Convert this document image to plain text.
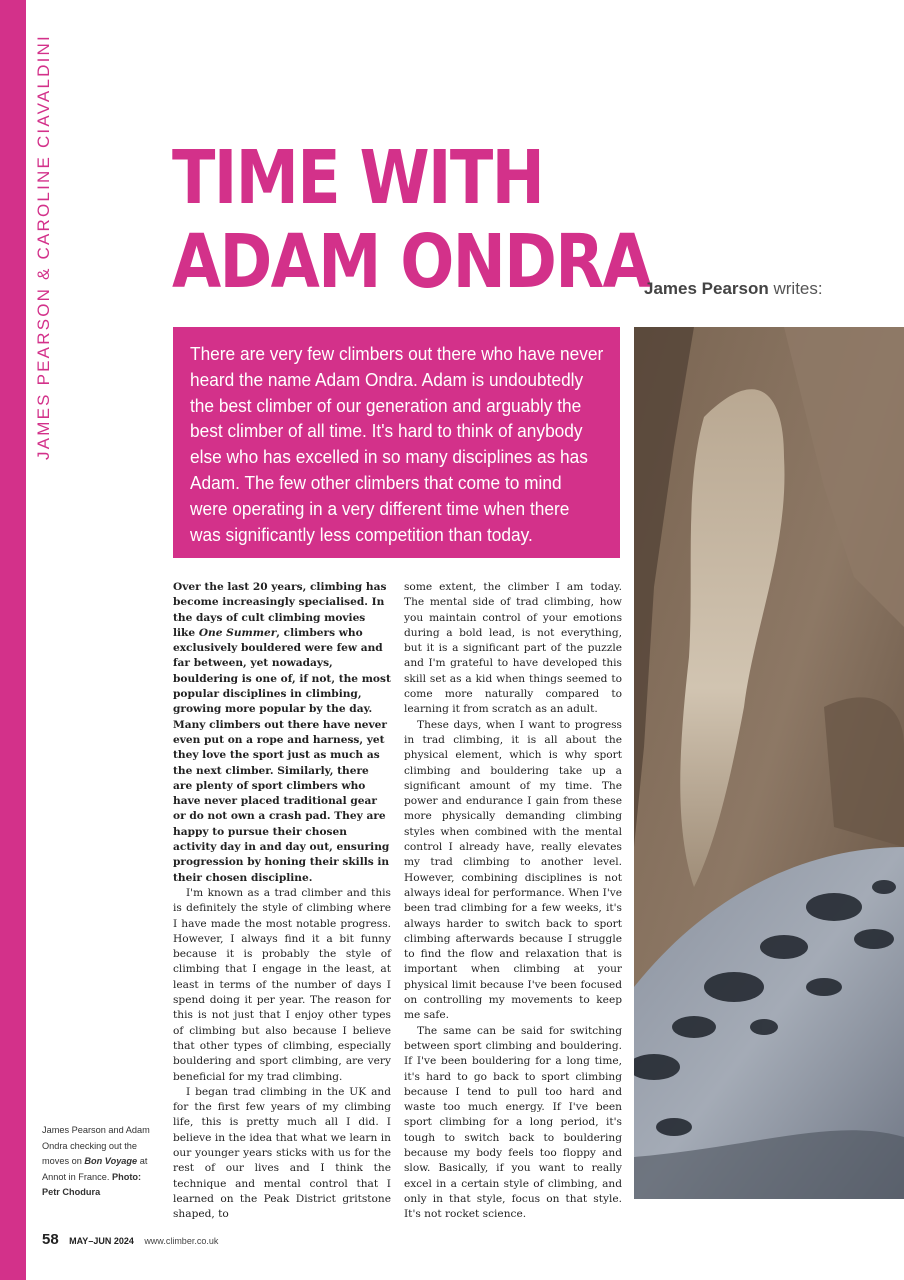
JAMES PEARSON & CAROLINE CIAVALDINI TIME WITH
ADAM ONDRA
James Pearson writes:

There are very few climbers out there who have never heard the name Adam Ondra. Adam is undoubtedly the best climber of our generation and arguably the best climber of all time. It's hard to think of anybody else who has excelled in so many disciplines as has Adam. The few other climbers that come to mind were operating in a very different time when there was significantly less competition than today.

Over the last 20 years, climbing has become increasingly specialised. In the days of cult climbing movies like One Summer, climbers who exclusively bouldered were few and far between, yet nowadays, bouldering is one of, if not, the most popular disciplines in climbing, growing more popular by the day. Many climbers out there have never even put on a rope and harness, yet they love the sport just as much as the next climber. Similarly, there are plenty of sport climbers who have never placed traditional gear or do not own a crash pad. They are happy to pursue their chosen activity day in and day out, ensuring progression by honing their skills in their chosen discipline.

I'm known as a trad climber and this is definitely the style of climbing where I have made the most notable progress. However, I always find it a bit funny because it is probably the style of climbing that I engage in the least, at least in terms of the number of days I spend doing it per year. The reason for this is not just that I enjoy other types of climbing but also because I believe that other types of climbing, especially bouldering and sport climbing, are very beneficial for my trad climbing.

I began trad climbing in the UK and for the first few years of my climbing life, this is pretty much all I did. I believe in the idea that what we learn in our younger years sticks with us for the rest of our lives and I think the technique and mental control that I learned on the Peak District gritstone shaped, to

some extent, the climber I am today. The mental side of trad climbing, how you maintain control of your emotions during a bold lead, is not everything, but it is a significant part of the puzzle and I'm grateful to have developed this skill set as a kid when things seemed to come more naturally compared to learning it from scratch as an adult.

These days, when I want to progress in trad climbing, it is all about the physical element, which is why sport climbing and bouldering take up a significant amount of my time. The power and endurance I gain from these more physically demanding climbing styles when combined with the mental control I already have, really elevates my trad climbing to another level. However, combining disciplines is not always ideal for performance. When I've been trad climbing for a few weeks, it's always harder to switch back to sport climbing afterwards because I struggle to find the flow and relaxation that is important when climbing at your physical limit because I've been focused on controlling my movements to keep me safe.

The same can be said for switching between sport climbing and bouldering. If I've been bouldering for a long time, it's hard to go back to sport climbing because I tend to pull too hard and waste too much energy. If I've been sport climbing for a long period, it's tough to switch back to bouldering because my body feels too floppy and slow. Basically, if you want to really excel in a certain style of climbing, and only in that style, focus on that style. It's not rocket science.

James Pearson and Adam Ondra checking out the moves on Bon Voyage at Annot in France. Photo: Petr Chodura
58 MAY–JUN 2024 www.climber.co.uk
